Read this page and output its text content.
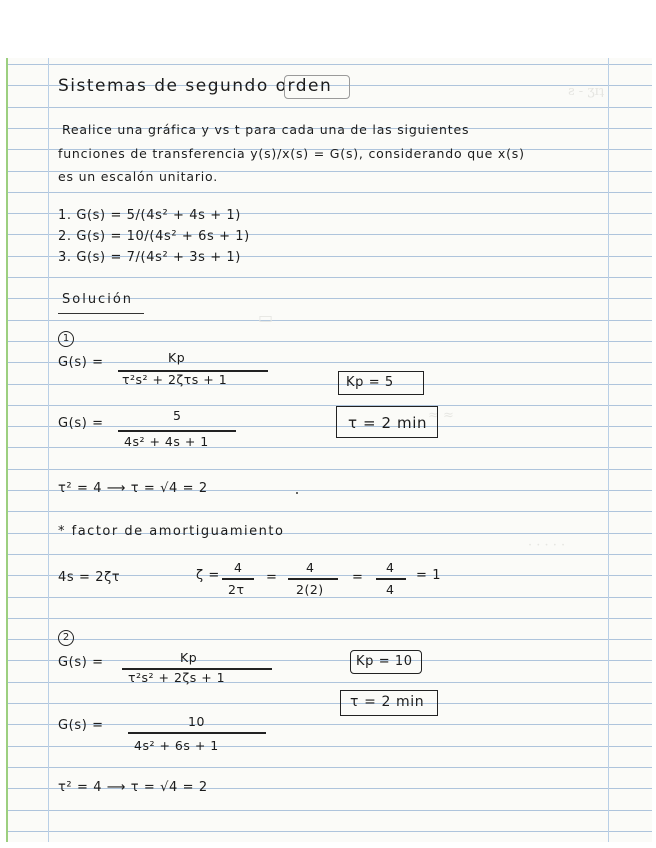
ƨ - ʒɪʇ
▭
≈ ≈
· · · · ·
Sistemas de segundo orden
Realice una gráfica y vs t para cada una de las siguientes
funciones de transferencia y(s)/x(s) = G(s), considerando que x(s)
es un escalón unitario.
1. G(s) = 5/(4s² + 4s + 1)
2. G(s) = 10/(4s² + 6s + 1)
3. G(s) = 7/(4s² + 3s + 1)
Solución
1
G(s) =	Kp
τ²s² + 2ζτs + 1	Kp = 5
G(s) =
5
4s² + 4s + 1
τ = 2 min
τ² = 4 ⟶ τ = √4 = 2
* factor de amortiguamiento
4s = 2ζτ	ζ =
4
2τ
=
4
2(2)
=
4
4
= 1
2
G(s) =	Kp
τ²s² + 2ζs + 1
Kp = 10
τ = 2 min
G(s) =	10
4s² + 6s + 1
τ² = 4 ⟶ τ = √4 = 2
